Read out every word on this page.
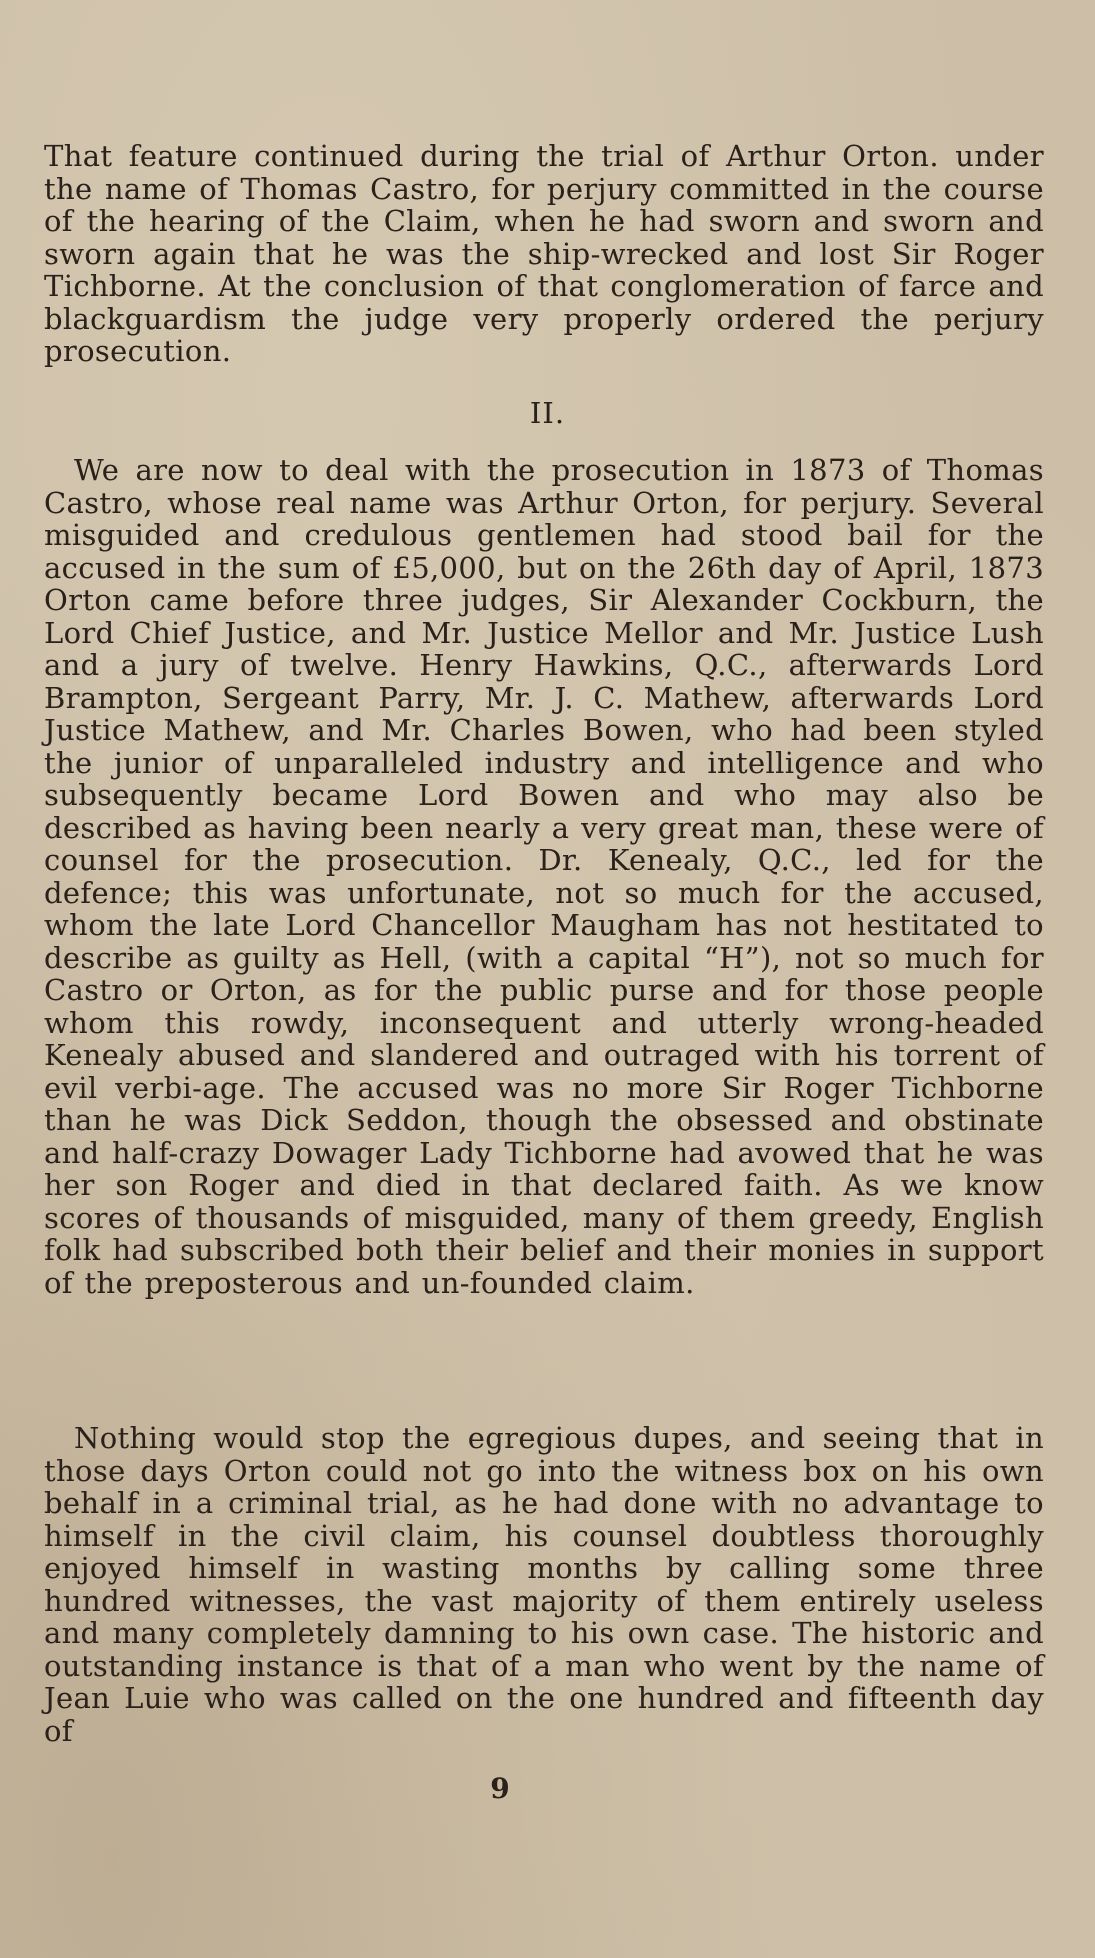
That feature continued during the trial of Arthur Orton. under the name of Thomas Castro, for perjury committed in the course of the hearing of the Claim, when he had sworn and sworn and sworn again that he was the ship-wrecked and lost Sir Roger Tichborne. At the conclusion of that conglomeration of farce and blackguardism the judge very properly ordered the perjury prosecution.

II.

We are now to deal with the prosecution in 1873 of Thomas Castro, whose real name was Arthur Orton, for perjury. Several misguided and credulous gentlemen had stood bail for the accused in the sum of £5,000, but on the 26th day of April, 1873 Orton came before three judges, Sir Alexander Cockburn, the Lord Chief Justice, and Mr. Justice Mellor and Mr. Justice Lush and a jury of twelve. Henry Hawkins, Q.C., afterwards Lord Brampton, Sergeant Parry, Mr. J. C. Mathew, afterwards Lord Justice Mathew, and Mr. Charles Bowen, who had been styled the junior of unparalleled industry and intelligence and who subsequently became Lord Bowen and who may also be described as having been nearly a very great man, these were of counsel for the prosecution. Dr. Kenealy, Q.C., led for the defence; this was unfortunate, not so much for the accused, whom the late Lord Chancellor Maugham has not hestitated to describe as guilty as Hell, (with a capital “H”), not so much for Castro or Orton, as for the public purse and for those people whom this rowdy, inconsequent and utterly wrong-headed Kenealy abused and slandered and outraged with his torrent of evil verbi-age. The accused was no more Sir Roger Tichborne than he was Dick Seddon, though the obsessed and obstinate and half-crazy Dowager Lady Tichborne had avowed that he was her son Roger and died in that declared faith. As we know scores of thousands of misguided, many of them greedy, English folk had subscribed both their belief and their monies in support of the preposterous and un-founded claim.

Nothing would stop the egregious dupes, and seeing that in those days Orton could not go into the witness box on his own behalf in a criminal trial, as he had done with no advantage to himself in the civil claim, his counsel doubtless thoroughly enjoyed himself in wasting months by calling some three hundred witnesses, the vast majority of them entirely useless and many completely damning to his own case. The historic and outstanding instance is that of a man who went by the name of Jean Luie who was called on the one hundred and fifteenth day of

9
